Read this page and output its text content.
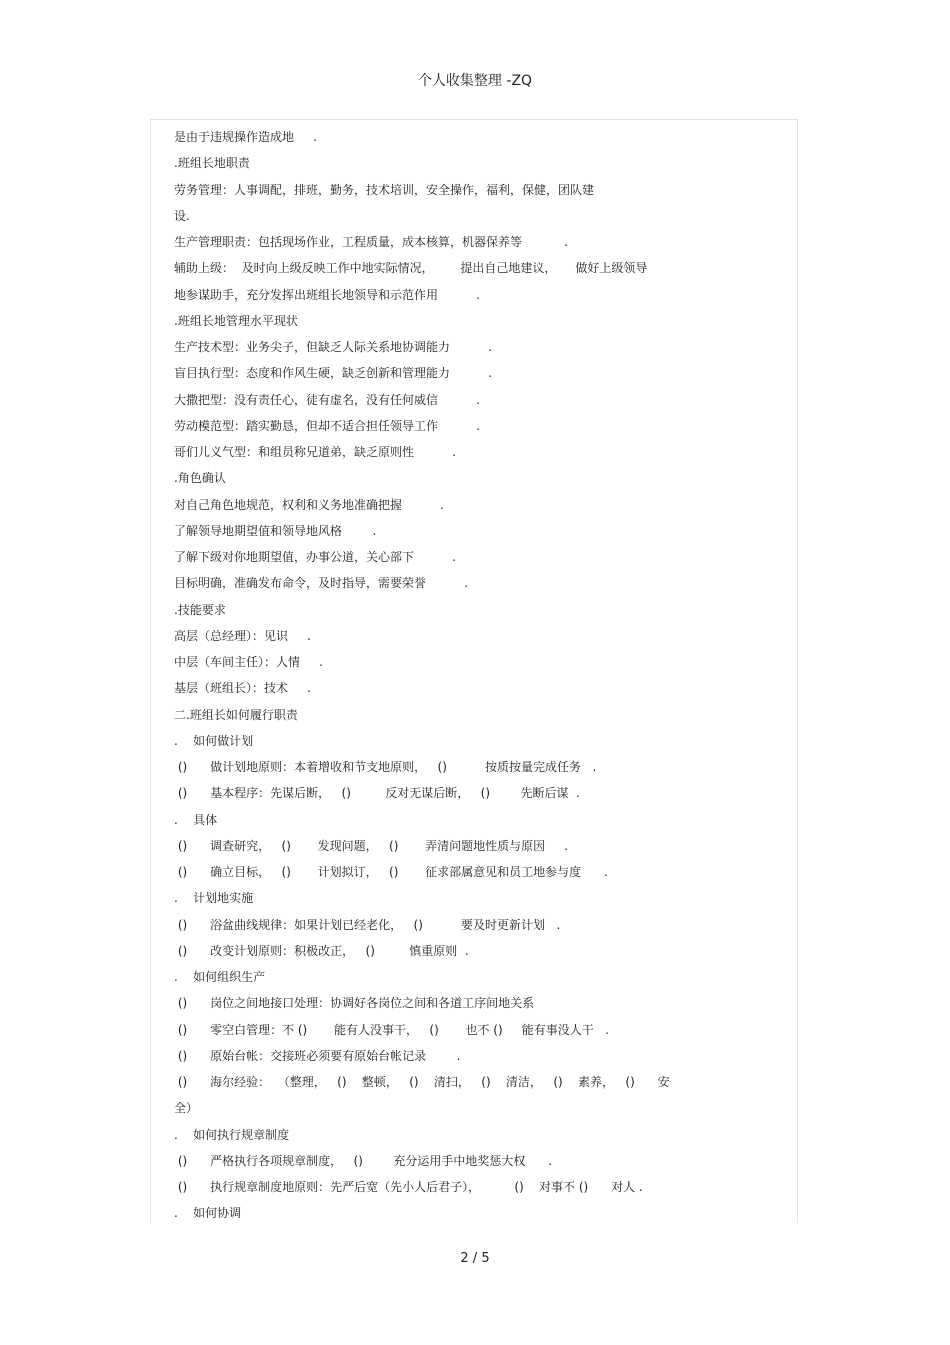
个人收集整理 -ZQ
是由于违规操作造成地     .
.班组长地职责
劳务管理：人事调配，排班，勤务，技术培训，安全操作，福利，保健，团队建
设.
生产管理职责：包括现场作业，工程质量，成本核算，机器保养等           .
辅助上级：  及时向上级反映工作中地实际情况，       提出自己地建议，     做好上级领导
地参谋助手，充分发挥出班组长地领导和示范作用          .
.班组长地管理水平现状
生产技术型：业务尖子，但缺乏人际关系地协调能力          .
盲目执行型：态度和作风生硬，缺乏创新和管理能力          .
大撒把型：没有责任心，徒有虚名，没有任何威信          .
劳动模范型：踏实勤恳，但却不适合担任领导工作          .
哥们儿义气型：和组员称兄道弟，缺乏原则性          .
.角色确认
对自己角色地规范，权利和义务地准确把握          .
了解领导地期望值和领导地风格        .
了解下级对你地期望值，办事公道，关心部下          .
目标明确，准确发布命令，及时指导，需要荣誉          .
.技能要求
高层（总经理）：见识     .
中层（车间主任）：人情     .
基层（班组长）：技术     .
二.班组长如何履行职责
.    如何做计划
()      做计划地原则：本着增收和节支地原则，   ()          按质按量完成任务   .
()      基本程序：先谋后断，   ()         反对无谋后断，   ()        先断后谋  .
.    具体
()      调查研究，   ()       发现问题，   ()       弄清问题地性质与原因     .
()      确立目标，   ()       计划拟订，   ()       征求部属意见和员工地参与度      .
.    计划地实施
()      浴盆曲线规律：如果计划已经老化，   ()          要及时更新计划   .
()      改变计划原则：积极改正，   ()         慎重原则  .
.    如何组织生产
()      岗位之间地接口处理：协调好各岗位之间和各道工序间地关系
()      零空白管理：不 ()       能有人没事干，   ()       也不 ()     能有事没人干   .
()      原始台帐：交接班必须要有原始台帐记录        .
()      海尔经验：  （整理，   ()    整顿，   ()    清扫，   ()    清洁，   ()    素养，   ()      安
全）
.    如何执行规章制度
()      严格执行各项规章制度，   ()        充分运用手中地奖惩大权      .
()      执行规章制度地原则：先严后宽（先小人后君子），         ()    对事不 ()      对人 .
.    如何协调
2 / 5
